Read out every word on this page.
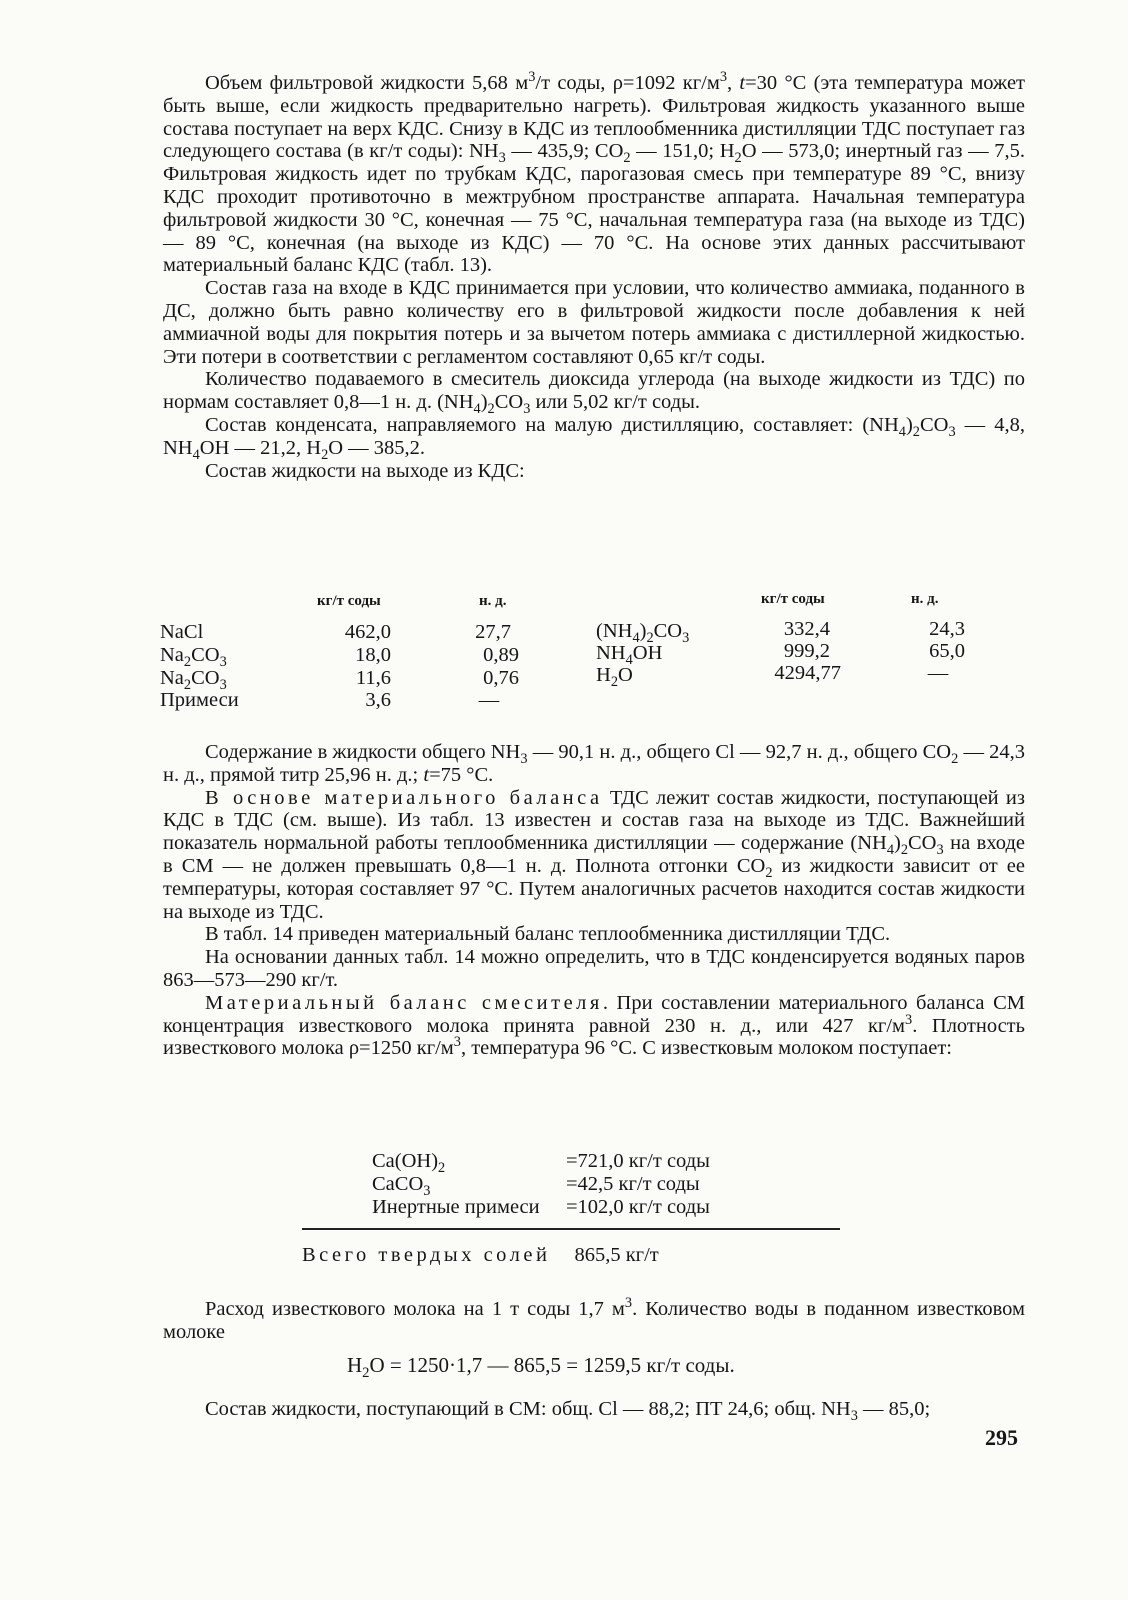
Объем фильтровой жидкости 5,68 $м^3/т$ соды, ρ=1092 $кг/м^3$, t=30 °С (эта температура может быть выше, если жидкость предварительно нагреть). Фильтровая жидкость указанного выше состава поступает на верх КДС. Снизу в КДС из теплообменника дистилляции ТДС поступает газ следующего состава (в кг/т соды): $NH_3$ — 435,9; $CO_2$ — 151,0; $H_2O$ — 573,0; инертный газ — 7,5. Фильтровая жидкость идет по трубкам КДС, парогазовая смесь при температуре 89 °С, внизу КДС проходит противоточно в межтрубном пространстве аппарата. Начальная температура фильтровой жидкости 30 °С, конечная — 75 °С, начальная температура газа (на выходе из ТДС) — 89 °С, конечная (на выходе из КДС) — 70 °С. На основе этих данных рассчитывают материальный баланс КДС (табл. 13).

Состав газа на входе в КДС принимается при условии, что количество аммиака, поданного в ДС, должно быть равно количеству его в фильтровой жидкости после добавления к ней аммиачной воды для покрытия потерь и за вычетом потерь аммиака с дистиллерной жидкостью. Эти потери в соответствии с регламентом составляют 0,65 кг/т соды.

Количество подаваемого в смеситель диоксида углерода (на выходе жидкости из ТДС) по нормам составляет 0,8—1 н. д. $(NH_4)_2CO_3$ или 5,02 кг/т соды.

Состав конденсата, направляемого на малую дистилляцию, составляет: $(NH_4)_2CO_3$ — 4,8, $NH_4OH$ — 21,2, $H_2O$ — 385,2.

Состав жидкости на выходе из КДС:

кг/т соды	н. д.	кг/т соды	н. д.
NaCl	462,0	27,7
$Na_2CO_3$	18,0	0,89
$Na_2CO_3$	11,6	0,76
Примеси	3,6	—
$(NH_4)_2CO_3$	332,4	24,3
$NH_4OH$	999,2	65,0
$H_2O$	4294,77	—

Содержание в жидкости общего $NH_3$ — 90,1 н. д., общего Cl — 92,7 н. д., общего $CO_2$ — 24,3 н. д., прямой титр 25,96 н. д.; t=75 °С.

В основе материального баланса ТДС лежит состав жидкости, поступающей из КДС в ТДС (см. выше). Из табл. 13 известен и состав газа на выходе из ТДС. Важнейший показатель нормальной работы теплообменника дистилляции — содержание $(NH_4)_2CO_3$ на входе в СМ — не должен превышать 0,8—1 н. д. Полнота отгонки $CO_2$ из жидкости зависит от ее температуры, которая составляет 97 °С. Путем аналогичных расчетов находится состав жидкости на выходе из ТДС.

В табл. 14 приведен материальный баланс теплообменника дистилляции ТДС.

На основании данных табл. 14 можно определить, что в ТДС конденсируется водяных паров 863—573—290 кг/т.

Материальный баланс смесителя. При составлении материального баланса СМ концентрация известкового молока принята равной 230 н. д., или 427 $кг/м^3$. Плотность известкового молока ρ=1250 $кг/м^3$, температура 96 °С. С известковым молоком поступает:

$Ca(OH)_2$	=721,0 кг/т соды
CaCO$_3$	=42,5 кг/т соды
Инертные примеси =102,0 кг/т соды
Всего твердых солей 865,5 кг/т

Расход известкового молока на 1 т соды 1,7 $м^3$. Количество воды в поданном известковом молоке

$H_2O = 1250\cdot 1,7$ — 865,5 = 1259,5 кг/т соды.

Состав жидкости, поступающий в СМ: общ. Cl — 88,2; ПТ 24,6; общ. $NH_3$ — 85,0;

295
